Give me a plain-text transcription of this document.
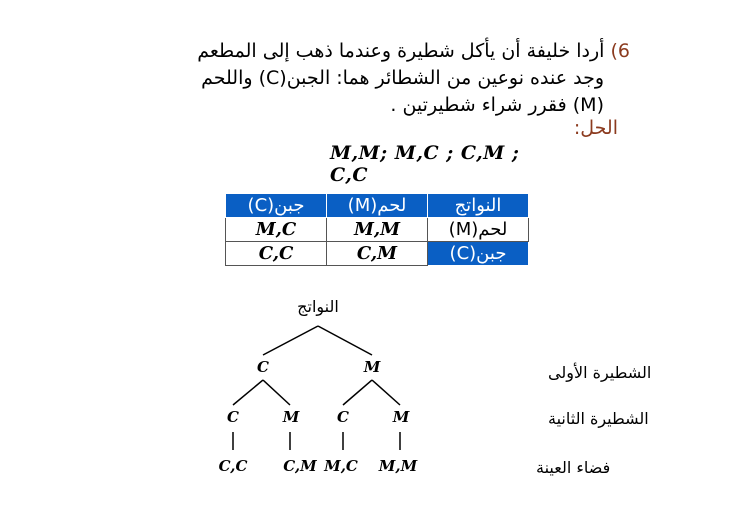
6) أردا خليفة أن يأكل شطيرة وعندما ذهب إلى المطعم
وجد عنده نوعين من الشطائر هما: الجبن(C) واللحم
(M) فقرر شراء شطيرتين .
الحل:
M,M; M,C ; C,M ; C,C
جبن(C)	لحم(M)	النواتج
M,C	M,M	لحم(M)
C,C	C,M	جبن(C)
النواتج
C	M
C	M	C	M
C,C C,M M,C M,M
الشطيرة الأولى
الشطيرة الثانية
فضاء العينة
